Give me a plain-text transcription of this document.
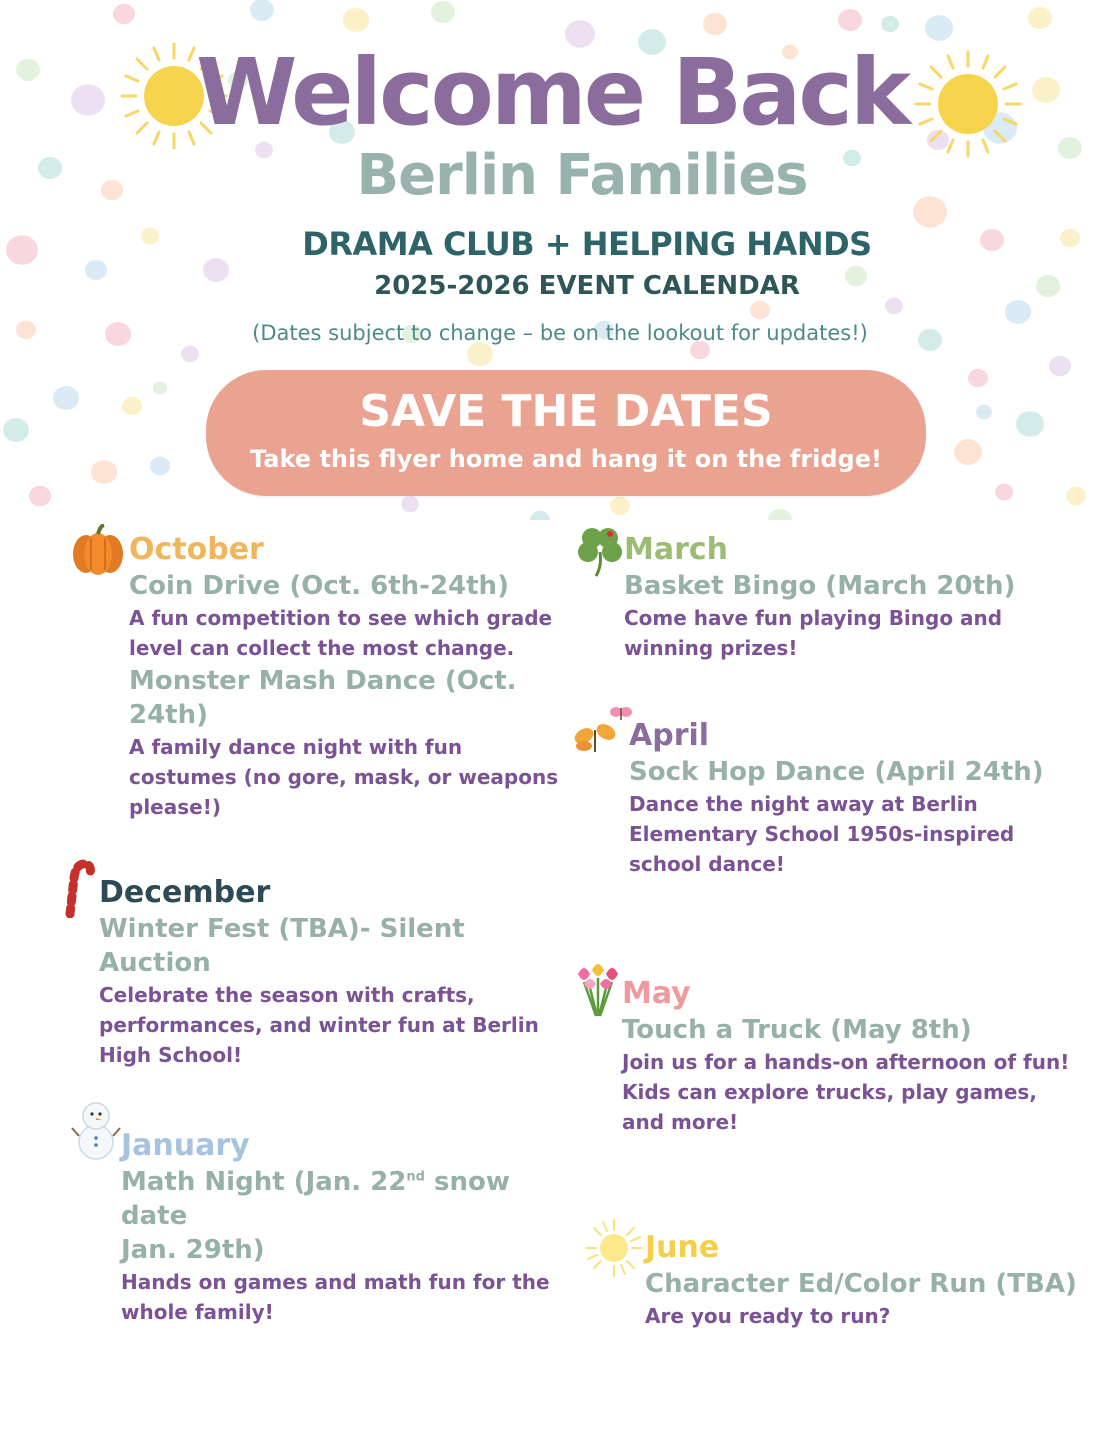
Welcome Back
Berlin Families
DRAMA CLUB + HELPING HANDS
2025-2026 EVENT CALENDAR
(Dates subject to change – be on the lookout for updates!)
SAVE THE DATES
Take this flyer home and hang it on the fridge!
October
Coin Drive (Oct. 6th-24th)
A fun competition to see which grade
level can collect the most change.
Monster Mash Dance (Oct. 24th)
A family dance night with fun
costumes (no gore, mask, or weapons
please!)
December
Winter Fest (TBA)- Silent Auction
Celebrate the season with crafts,
performances, and winter fun at Berlin
High School!
January
Math Night (Jan. 22nd snow date
Jan. 29th)
Hands on games and math fun for the
whole family!
March
Basket Bingo (March 20th)
Come have fun playing Bingo and
winning prizes!
April
Sock Hop Dance (April 24th)
Dance the night away at Berlin
Elementary School 1950s-inspired
school dance!
May
Touch a Truck (May 8th)
Join us for a hands-on afternoon of fun!
Kids can explore trucks, play games,
and more!
June
Character Ed/Color Run (TBA)
Are you ready to run?
